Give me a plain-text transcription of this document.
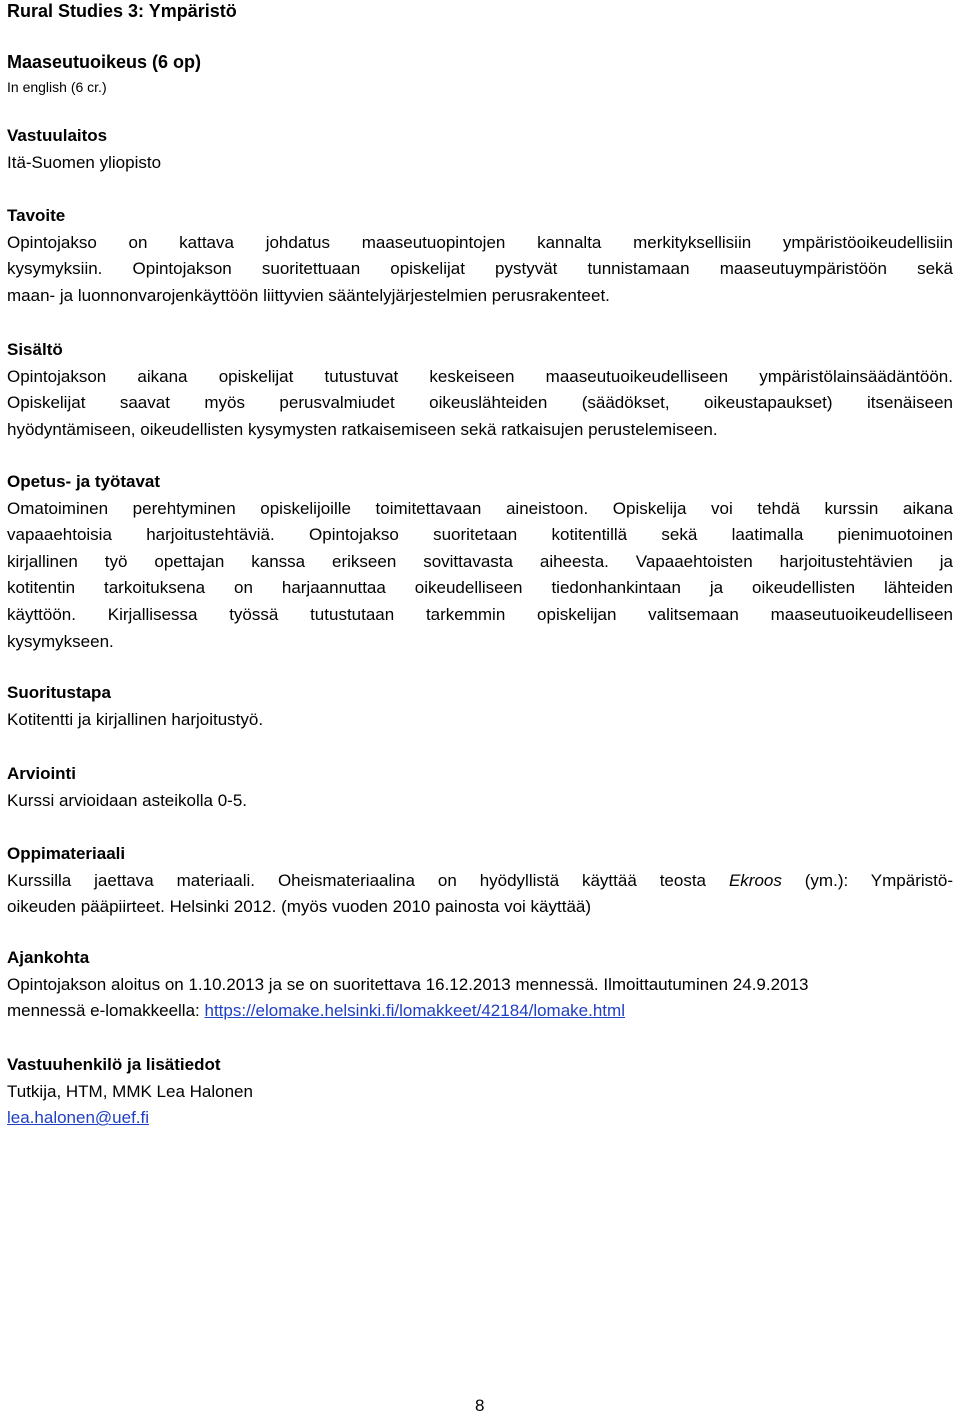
Rural Studies 3: Ympäristö
Maaseutuoikeus (6 op)
In english (6 cr.)

Vastuulaitos

Itä-Suomen yliopisto

Tavoite

Opintojakso on kattava johdatus maaseutuopintojen kannalta merkityksellisiin ympäristöoikeudellisiin

kysymyksiin. Opintojakson suoritettuaan opiskelijat pystyvät tunnistamaan maaseutuympäristöön sekä

maan- ja luonnonvarojenkäyttöön liittyvien sääntelyjärjestelmien perusrakenteet.

Sisältö

Opintojakson aikana opiskelijat tutustuvat keskeiseen maaseutuoikeudelliseen ympäristölainsäädäntöön.

Opiskelijat saavat myös perusvalmiudet oikeuslähteiden (säädökset, oikeustapaukset) itsenäiseen

hyödyntämiseen, oikeudellisten kysymysten ratkaisemiseen sekä ratkaisujen perustelemiseen.

Opetus- ja työtavat

Omatoiminen perehtyminen opiskelijoille toimitettavaan aineistoon. Opiskelija voi tehdä kurssin aikana

vapaaehtoisia harjoitustehtäviä. Opintojakso suoritetaan kotitentillä sekä laatimalla pienimuotoinen

kirjallinen työ opettajan kanssa erikseen sovittavasta aiheesta. Vapaaehtoisten harjoitustehtävien ja

kotitentin tarkoituksena on harjaannuttaa oikeudelliseen tiedonhankintaan ja oikeudellisten lähteiden

käyttöön. Kirjallisessa työssä tutustutaan tarkemmin opiskelijan valitsemaan maaseutuoikeudelliseen

kysymykseen.

Suoritustapa

Kotitentti ja kirjallinen harjoitustyö.

Arviointi

Kurssi arvioidaan asteikolla 0-5.

Oppimateriaali

Kurssilla jaettava materiaali. Oheismateriaalina on hyödyllistä käyttää teosta Ekroos (ym.): Ympäristö-

oikeuden pääpiirteet. Helsinki 2012. (myös vuoden 2010 painosta voi käyttää)

Ajankohta

Opintojakson aloitus on 1.10.2013 ja se on suoritettava 16.12.2013 mennessä. Ilmoittautuminen 24.9.2013

mennessä e-lomakkeella: https://elomake.helsinki.fi/lomakkeet/42184/lomake.html

Vastuuhenkilö ja lisätiedot

Tutkija, HTM, MMK Lea Halonen

lea.halonen@uef.fi

8
